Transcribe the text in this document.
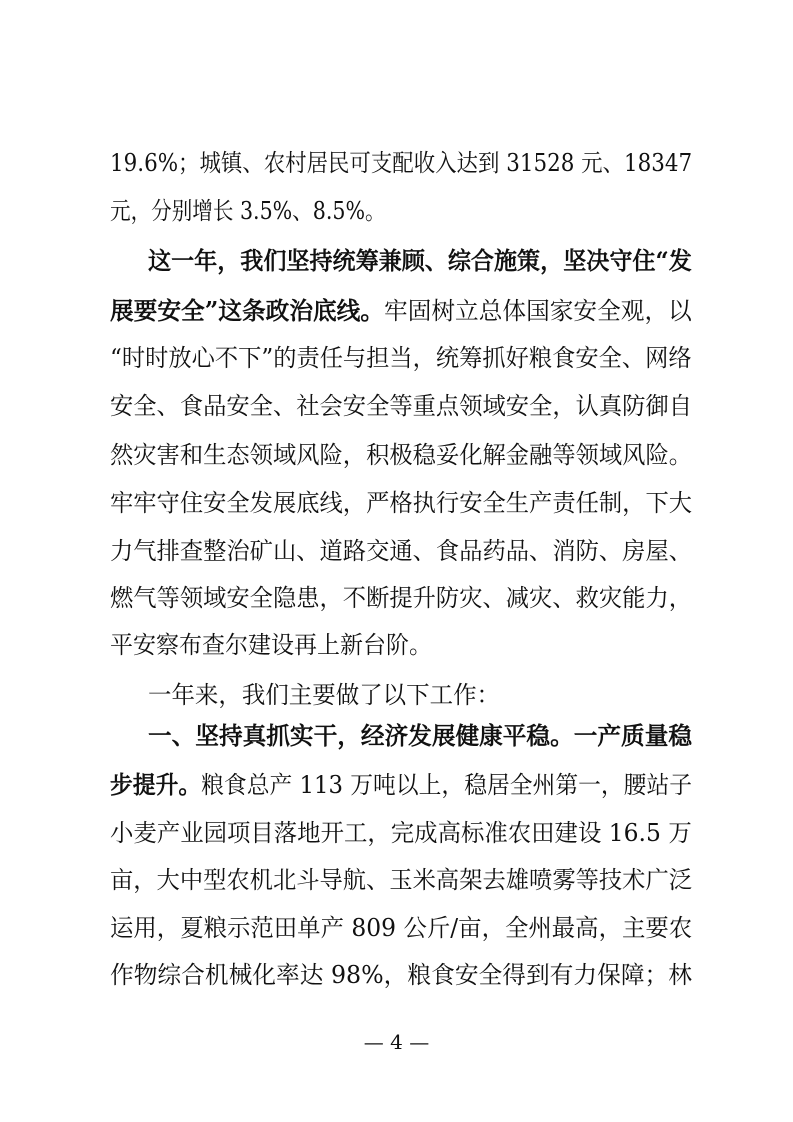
19.6%；城镇、农村居民可支配收入达到 31528 元、18347
元，分别增长 3.5%、8.5%。
这一年，我们坚持统筹兼顾、综合施策，坚决守住“发
展要安全”这条政治底线。牢固树立总体国家安全观，以
“时时放心不下”的责任与担当，统筹抓好粮食安全、网络
安全、食品安全、社会安全等重点领域安全，认真防御自
然灾害和生态领域风险，积极稳妥化解金融等领域风险。
牢牢守住安全发展底线，严格执行安全生产责任制，下大
力气排查整治矿山、道路交通、食品药品、消防、房屋、
燃气等领域安全隐患，不断提升防灾、减灾、救灾能力，
平安察布查尔建设再上新台阶。
一年来，我们主要做了以下工作：
一、坚持真抓实干，经济发展健康平稳。一产质量稳
步提升。粮食总产 113 万吨以上，稳居全州第一，腰站子
小麦产业园项目落地开工，完成高标准农田建设 16.5 万
亩，大中型农机北斗导航、玉米高架去雄喷雾等技术广泛
运用，夏粮示范田单产 809 公斤/亩，全州最高，主要农
作物综合机械化率达 98%，粮食安全得到有力保障；林
— 4 —
